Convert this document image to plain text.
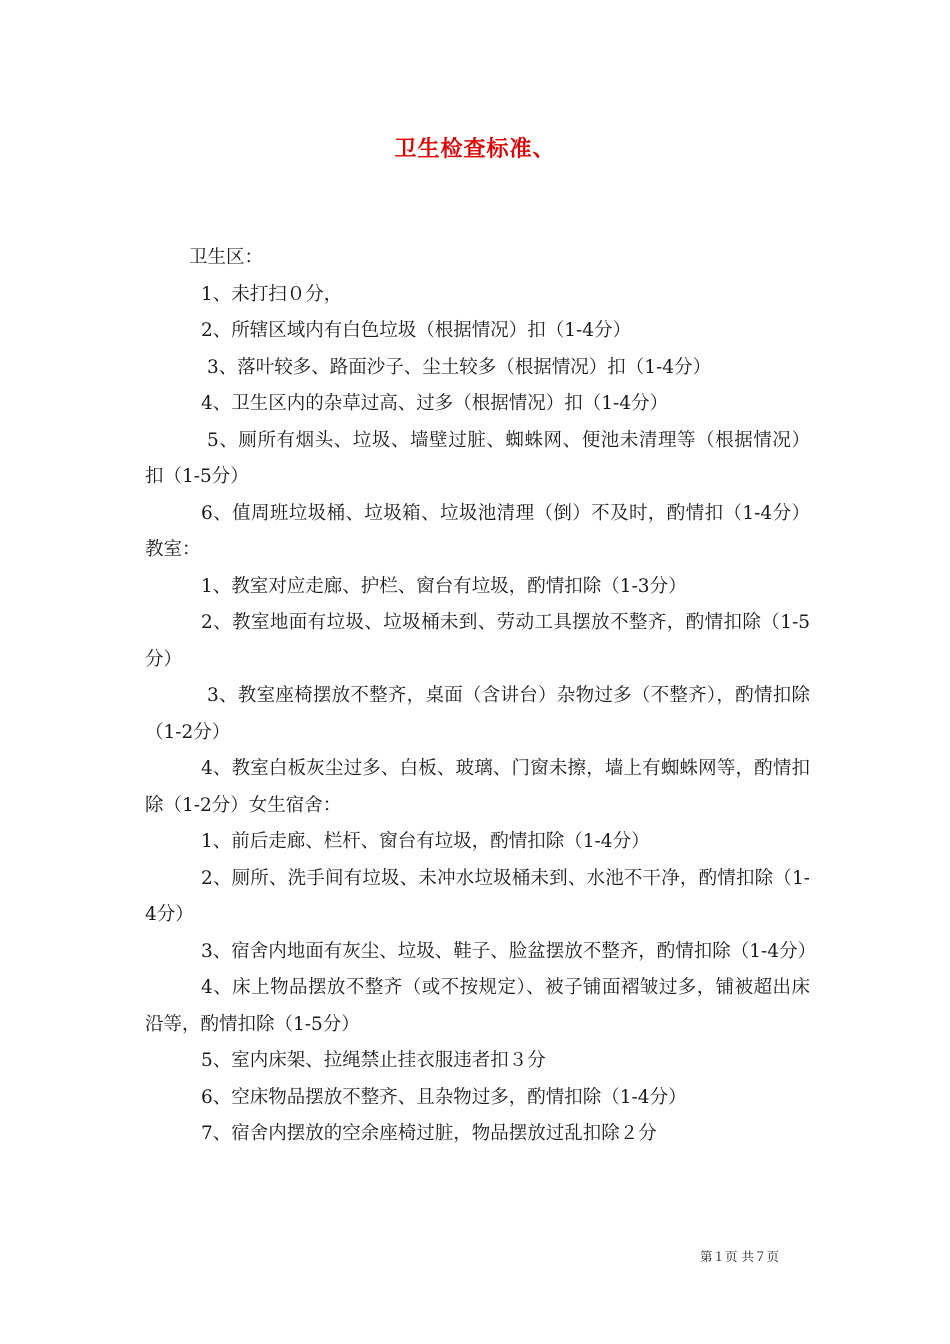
卫生检查标准、

卫生区：

1、未打扫０分，

2、所辖区域内有白色垃圾（根据情况）扣（1-4分）

3、落叶较多、路面沙子、尘土较多（根据情况）扣（1-4分）

4、卫生区内的杂草过高、过多（根据情况）扣（1-4分）

5、厕所有烟头、垃圾、墙壁过脏、蜘蛛网、便池未清理等（根据情况）扣（1-5分）

6、值周班垃圾桶、垃圾箱、垃圾池清理（倒）不及时，酌情扣（1-4分）教室：

1、教室对应走廊、护栏、窗台有垃圾，酌情扣除（1-3分）

2、教室地面有垃圾、垃圾桶未到、劳动工具摆放不整齐，酌情扣除（1-5分）

3、教室座椅摆放不整齐，桌面（含讲台）杂物过多（不整齐），酌情扣除（1-2分）

4、教室白板灰尘过多、白板、玻璃、门窗未擦，墙上有蜘蛛网等，酌情扣除（1-2分）女生宿舍：

1、前后走廊、栏杆、窗台有垃圾，酌情扣除（1-4分）

2、厕所、洗手间有垃圾、未冲水垃圾桶未到、水池不干净，酌情扣除（1-4分）

3、宿舍内地面有灰尘、垃圾、鞋子、脸盆摆放不整齐，酌情扣除（1-4分）

4、床上物品摆放不整齐（或不按规定）、被子铺面褶皱过多，铺被超出床沿等，酌情扣除（1-5分）

5、室内床架、拉绳禁止挂衣服违者扣３分

6、空床物品摆放不整齐、且杂物过多，酌情扣除（1-4分）

7、宿舍内摆放的空余座椅过脏，物品摆放过乱扣除２分

第１页 共７页
